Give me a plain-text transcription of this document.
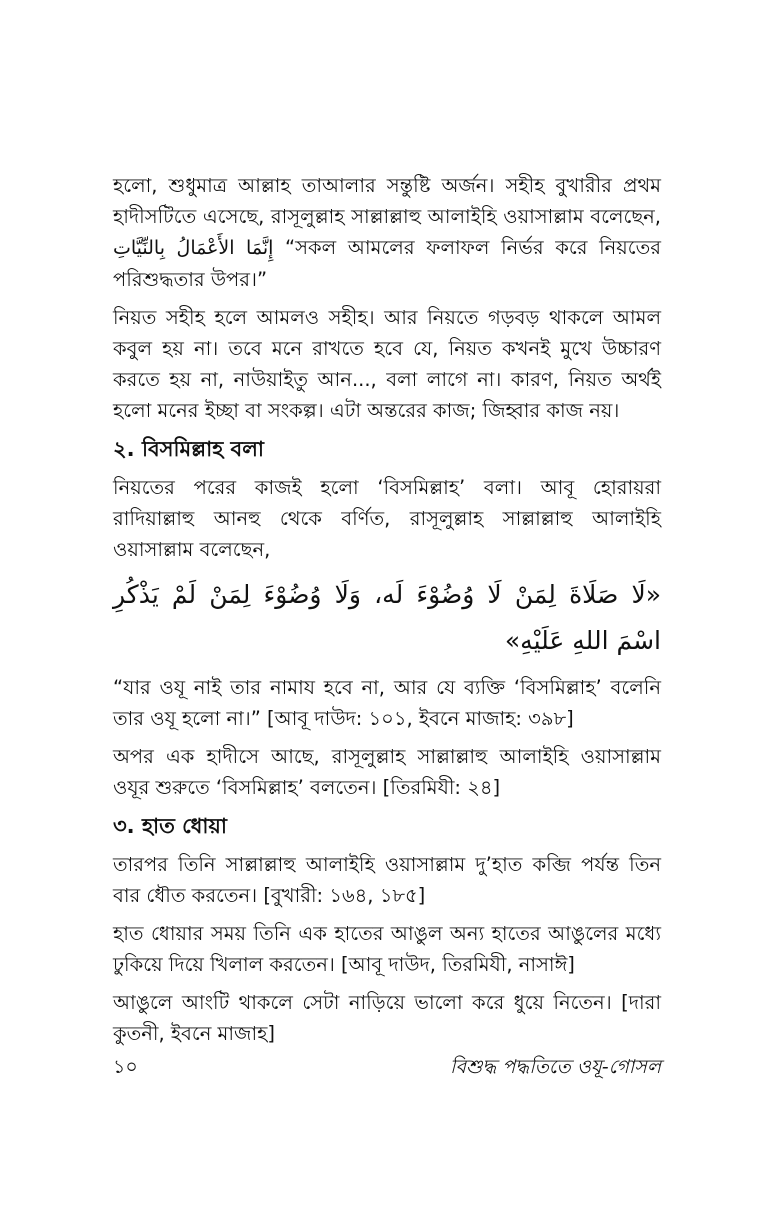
হলো, শুধুমাত্র আল্লাহ তাআলার সন্তুষ্টি অর্জন। সহীহ বুখারীর প্রথম হাদীসটিতে এসেছে, রাসূলুল্লাহ সাল্লাল্লাহু আলাইহি ওয়াসাল্লাম বলেছেন, إِنَّمَا الأَعْمَالُ بِالنِّيَّاتِ “সকল আমলের ফলাফল নির্ভর করে নিয়তের পরিশুদ্ধতার উপর।”

নিয়ত সহীহ হলে আমলও সহীহ। আর নিয়তে গড়বড় থাকলে আমল কবুল হয় না। তবে মনে রাখতে হবে যে, নিয়ত কখনই মুখে উচ্চারণ করতে হয় না, নাউয়াইতু আন..., বলা লাগে না। কারণ, নিয়ত অর্থই হলো মনের ইচ্ছা বা সংকল্প। এটা অন্তরের কাজ; জিহ্বার কাজ নয়।

২. বিসমিল্লাহ বলা

নিয়তের পরের কাজই হলো ‘বিসমিল্লাহ’ বলা। আবূ হোরায়রা রাদিয়াল্লাহু আনহু থেকে বর্ণিত, রাসূলুল্লাহ সাল্লাল্লাহু আলাইহি ওয়াসাল্লাম বলেছেন,

«لَا صَلَاةَ لِمَنْ لَا وُضُوْءَ لَه، وَلَا وُضُوْءَ لِمَنْ لَمْ يَذْكُرِ اسْمَ اللهِ عَلَيْهِ»

“যার ওযূ নাই তার নামায হবে না, আর যে ব্যক্তি ‘বিসমিল্লাহ’ বলেনি তার ওযূ হলো না।” [আবূ দাউদ: ১০১, ইবনে মাজাহ: ৩৯৮]

অপর এক হাদীসে আছে, রাসূলুল্লাহ সাল্লাল্লাহু আলাইহি ওয়াসাল্লাম ওযূর শুরুতে ‘বিসমিল্লাহ’ বলতেন। [তিরমিযী: ২৪]

৩. হাত ধোয়া

তারপর তিনি সাল্লাল্লাহু আলাইহি ওয়াসাল্লাম দু’হাত কব্জি পর্যন্ত তিন বার ধৌত করতেন। [বুখারী: ১৬৪, ১৮৫]

হাত ধোয়ার সময় তিনি এক হাতের আঙুল অন্য হাতের আঙুলের মধ্যে ঢুকিয়ে দিয়ে খিলাল করতেন। [আবূ দাউদ, তিরমিযী, নাসাঈ]

আঙুলে আংটি থাকলে সেটা নাড়িয়ে ভালো করে ধুয়ে নিতেন। [দারা কুতনী, ইবনে মাজাহ]

১০	বিশুদ্ধ পদ্ধতিতে ওযূ-গোসল
